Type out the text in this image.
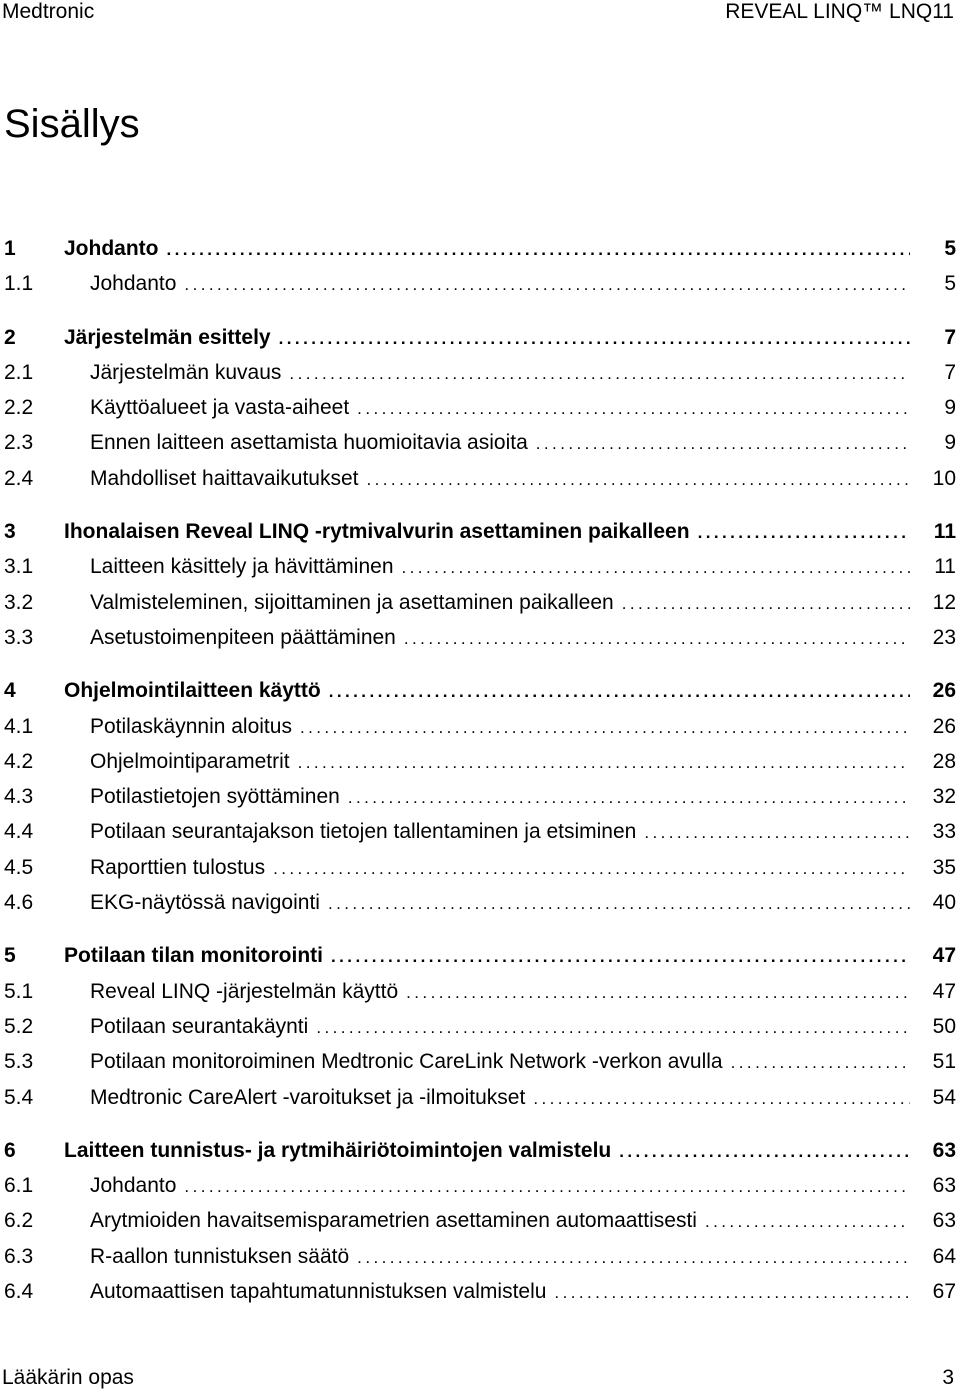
Medtronic	REVEAL LINQ™ LNQ11
Sisällys
1	Johdanto . . .	5
1.1	Johdanto . . .	5
2	Järjestelmän esittely . . .	7
2.1	Järjestelmän kuvaus . . .	7
2.2	Käyttöalueet ja vasta-aiheet . . .	9
2.3	Ennen laitteen asettamista huomioitavia asioita . . .	9
2.4	Mahdolliset haittavaikutukset . . .	10
3	Ihonalaisen Reveal LINQ -rytmivalvurin asettaminen paikalleen . . .	11
3.1	Laitteen käsittely ja hävittäminen . . .	11
3.2	Valmisteleminen, sijoittaminen ja asettaminen paikalleen . . .	12
3.3	Asetustoimenpiteen päättäminen . . .	23
4	Ohjelmointilaitteen käyttö . . .	26
4.1	Potilaskäynnin aloitus . . .	26
4.2	Ohjelmointiparametrit . . .	28
4.3	Potilastietojen syöttäminen . . .	32
4.4	Potilaan seurantajakson tietojen tallentaminen ja etsiminen . . .	33
4.5	Raporttien tulostus . . .	35
4.6	EKG-näytössä navigointi . . .	40
5	Potilaan tilan monitorointi . . .	47
5.1	Reveal LINQ -järjestelmän käyttö . . .	47
5.2	Potilaan seurantakäynti . . .	50
5.3	Potilaan monitoroiminen Medtronic CareLink Network -verkon avulla . . .	51
5.4	Medtronic CareAlert -varoitukset ja -ilmoitukset . . .	54
6	Laitteen tunnistus- ja rytmihäiriötoimintojen valmistelu . . .	63
6.1	Johdanto . . .	63
6.2	Arytmioiden havaitsemisparametrien asettaminen automaattisesti . . .	63
6.3	R-aallon tunnistuksen säätö . . .	64
6.4	Automaattisen tapahtumatunnistuksen valmistelu . . .	67
Lääkärin opas	3
